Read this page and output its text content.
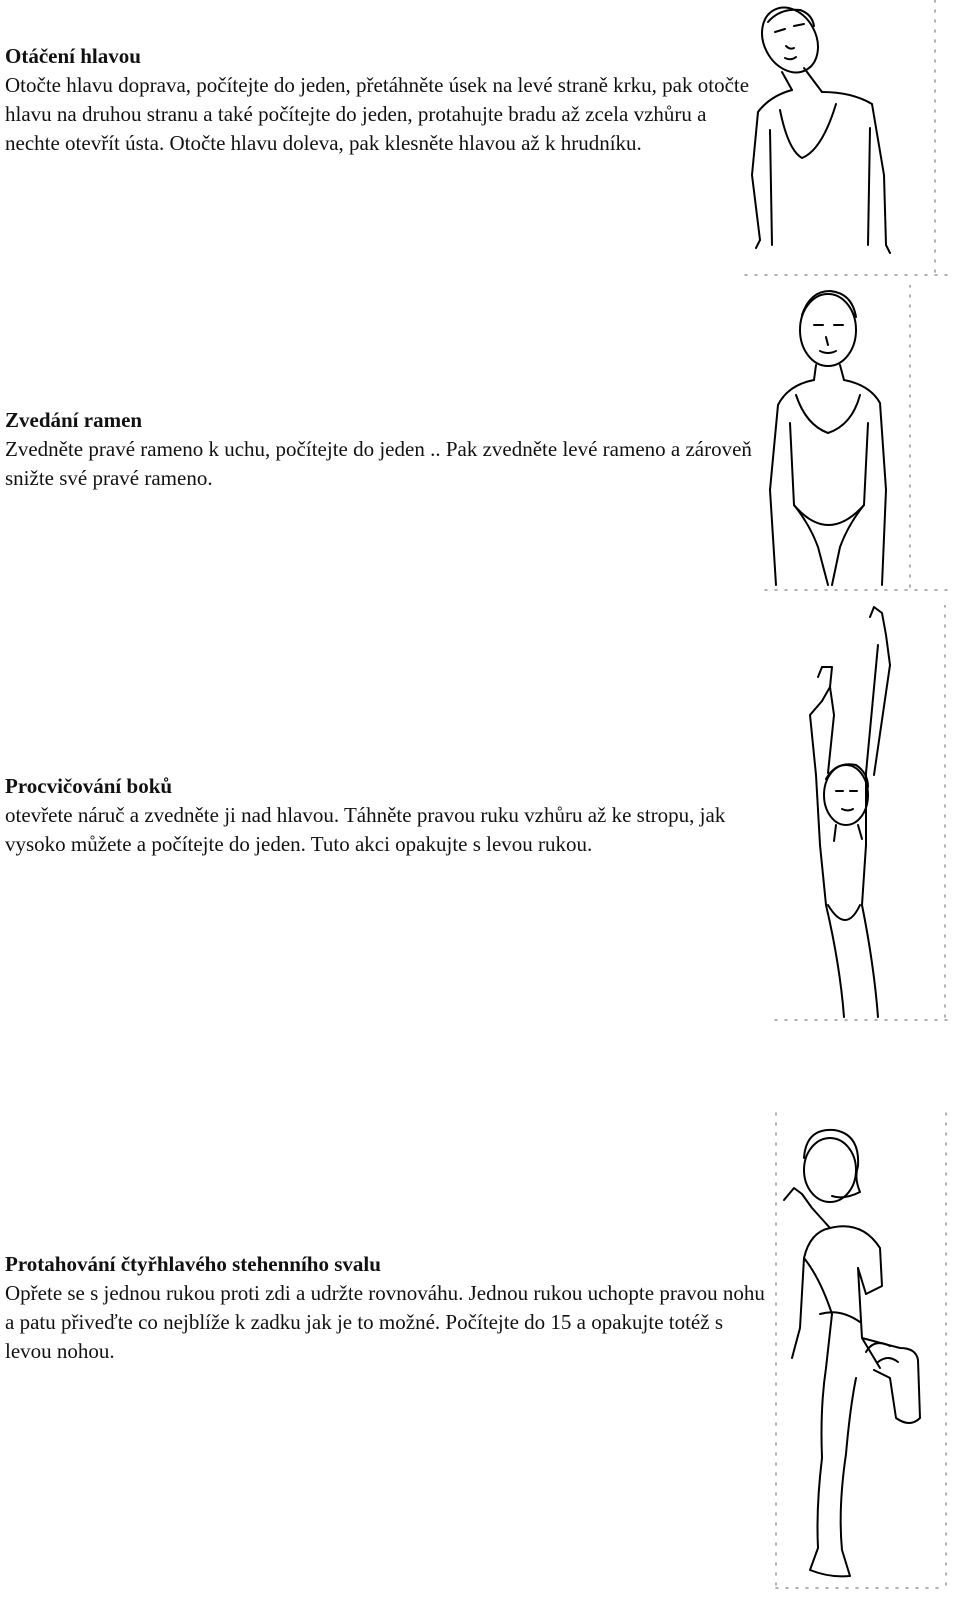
Otáčení hlavou

Otočte hlavu doprava, počítejte do jeden, přetáhněte úsek na levé straně krku, pak otočte hlavu na druhou stranu a také počítejte do jeden, protahujte bradu až zcela vzhůru a nechte otevřít ústa. Otočte hlavu doleva, pak klesněte hlavou až k hrudníku.

Zvedání ramen

Zvedněte pravé rameno k uchu, počítejte do jeden .. Pak zvedněte levé rameno a zároveň snižte své pravé rameno.

Procvičování boků

otevřete náruč a zvedněte ji nad hlavou. Táhněte pravou ruku vzhůru až ke stropu, jak vysoko můžete a počítejte do jeden. Tuto akci opakujte s levou rukou.

Protahování čtyřhlavého stehenního svalu

Opřete se s jednou rukou proti zdi a udržte rovnováhu. Jednou rukou uchopte pravou nohu a patu přiveďte co nejblíže k zadku jak je to možné. Počítejte do 15 a opakujte totéž s levou nohou.
